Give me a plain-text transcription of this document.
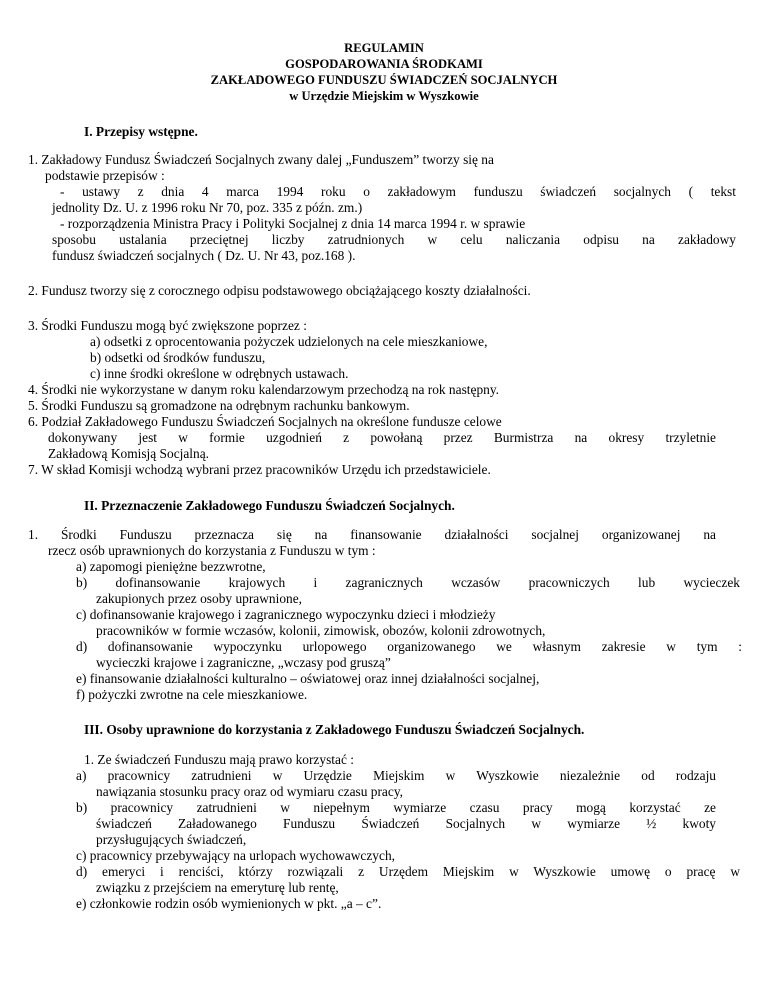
REGULAMIN
GOSPODAROWANIA ŚRODKAMI
ZAKŁADOWEGO FUNDUSZU ŚWIADCZEŃ SOCJALNYCH
w Urzędzie Miejskim w Wyszkowie
I. Przepisy wstępne.
1. Zakładowy Fundusz Świadczeń Socjalnych zwany dalej „Funduszem” tworzy się na
podstawie przepisów :
- ustawy z dnia 4 marca 1994 roku o zakładowym funduszu świadczeń socjalnych ( tekst
jednolity Dz. U. z 1996 roku Nr 70, poz. 335 z późn. zm.)
- rozporządzenia Ministra Pracy i Polityki Socjalnej z dnia 14 marca 1994 r. w sprawie
sposobu ustalania przeciętnej liczby zatrudnionych w celu naliczania odpisu na zakładowy
fundusz świadczeń socjalnych ( Dz. U. Nr 43, poz.168 ).
2. Fundusz tworzy się z corocznego odpisu podstawowego obciążającego koszty działalności.
3. Środki Funduszu mogą być zwiększone poprzez :
a) odsetki z oprocentowania pożyczek udzielonych na cele mieszkaniowe,
b) odsetki od środków funduszu,
c) inne środki określone w odrębnych ustawach.
4. Środki nie wykorzystane w danym roku kalendarzowym przechodzą na rok następny.
5. Środki Funduszu są gromadzone na odrębnym rachunku bankowym.
6. Podział Zakładowego Funduszu Świadczeń Socjalnych na określone fundusze celowe
dokonywany jest w formie uzgodnień z powołaną przez Burmistrza na okresy trzyletnie
Zakładową Komisją Socjalną.
7. W skład Komisji wchodzą wybrani przez pracowników Urzędu ich przedstawiciele.
II. Przeznaczenie Zakładowego Funduszu Świadczeń Socjalnych.
1. Środki Funduszu przeznacza się na finansowanie działalności socjalnej organizowanej na
rzecz osób uprawnionych do korzystania z Funduszu w tym :
a) zapomogi pieniężne bezzwrotne,
b) dofinansowanie krajowych i zagranicznych wczasów pracowniczych lub wycieczek
zakupionych przez osoby uprawnione,
c) dofinansowanie krajowego i zagranicznego wypoczynku dzieci i młodzieży
pracowników w formie wczasów, kolonii, zimowisk, obozów, kolonii zdrowotnych,
d) dofinansowanie wypoczynku urlopowego organizowanego we własnym zakresie w tym :
wycieczki krajowe i zagraniczne, „wczasy pod gruszą”
e) finansowanie działalności kulturalno – oświatowej oraz innej działalności socjalnej,
f) pożyczki zwrotne na cele mieszkaniowe.
III. Osoby uprawnione do korzystania z Zakładowego Funduszu Świadczeń Socjalnych.
1. Ze świadczeń Funduszu mają prawo korzystać :
a) pracownicy zatrudnieni w Urzędzie Miejskim w Wyszkowie niezależnie od rodzaju
nawiązania stosunku pracy oraz od wymiaru czasu pracy,
b) pracownicy zatrudnieni w niepełnym wymiarze czasu pracy mogą korzystać ze
świadczeń Załadowanego Funduszu Świadczeń Socjalnych w wymiarze ½ kwoty
przysługujących świadczeń,
c) pracownicy przebywający na urlopach wychowawczych,
d) emeryci i renciści, którzy rozwiązali z Urzędem Miejskim w Wyszkowie umowę o pracę w
związku z przejściem na emeryturę lub rentę,
e) członkowie rodzin osób wymienionych w pkt. „a – c”.
